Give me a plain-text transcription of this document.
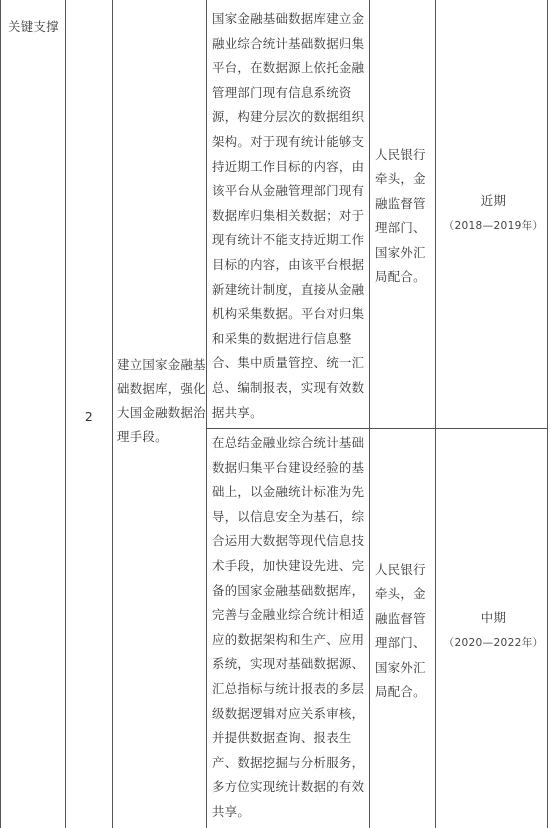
关键支撑
2
建立国家金融基础数据库，强化大国金融数据治理手段。
国家金融基础数据库建立金融业综合统计基础数据归集平台，在数据源上依托金融管理部门现有信息系统资源，构建分层次的数据组织架构。对于现有统计能够支持近期工作目标的内容，由该平台从金融管理部门现有数据库归集相关数据；对于现有统计不能支持近期工作目标的内容，由该平台根据新建统计制度，直接从金融机构采集数据。平台对归集和采集的数据进行信息整合、集中质量管控、统一汇总、编制报表，实现有效数据共享。
人民银行牵头，金融监督管理部门、国家外汇局配合。
近期
（2018—2019年）
在总结金融业综合统计基础数据归集平台建设经验的基础上，以金融统计标准为先导，以信息安全为基石，综合运用大数据等现代信息技术手段，加快建设先进、完备的国家金融基础数据库，完善与金融业综合统计相适应的数据架构和生产、应用系统，实现对基础数据源、汇总指标与统计报表的多层级数据逻辑对应关系审核，并提供数据查询、报表生产、数据挖掘与分析服务，多方位实现统计数据的有效共享。
人民银行牵头，金融监督管理部门、国家外汇局配合。
中期
（2020—2022年）
